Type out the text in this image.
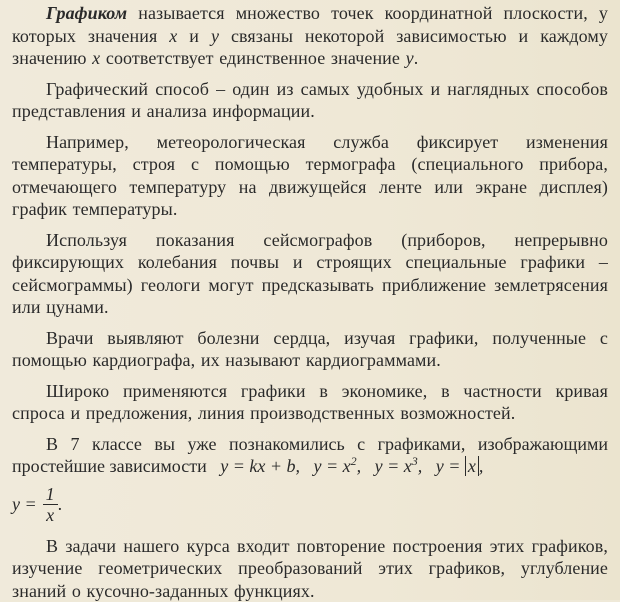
Графиком называется множество точек координатной плоскости, у которых значения x и y связаны некоторой зависимостью и каждому значению x соответствует единственное значение y.

Графический способ – один из самых удобных и наглядных способов представления и анализа информации.

Например, метеорологическая служба фиксирует изменения температуры, строя с помощью термографа (специального прибора, отмечающего температуру на движущейся ленте или экране дисплея) график температуры.

Используя показания сейсмографов (приборов, непрерывно фиксирующих колебания почвы и строящих специальные графики – сейсмограммы) геологи могут предсказывать приближение землетрясения или цунами.

Врачи выявляют болезни сердца, изучая графики, полученные с помощью кардиографа, их называют кардиограммами.

Широко применяются графики в экономике, в частности кривая спроса и предложения, линия производственных возможностей.

В 7 классе вы уже познакомились с графиками, изображающими простейшие зависимости y = kx + b, $y = x^2$, $y = x^3$, y = x ,
$y = \frac{1}{x}$ .

В задачи нашего курса входит повторение построения этих графиков, изучение геометрических преобразований этих графиков, углубление знаний о кусочно-заданных функциях.
